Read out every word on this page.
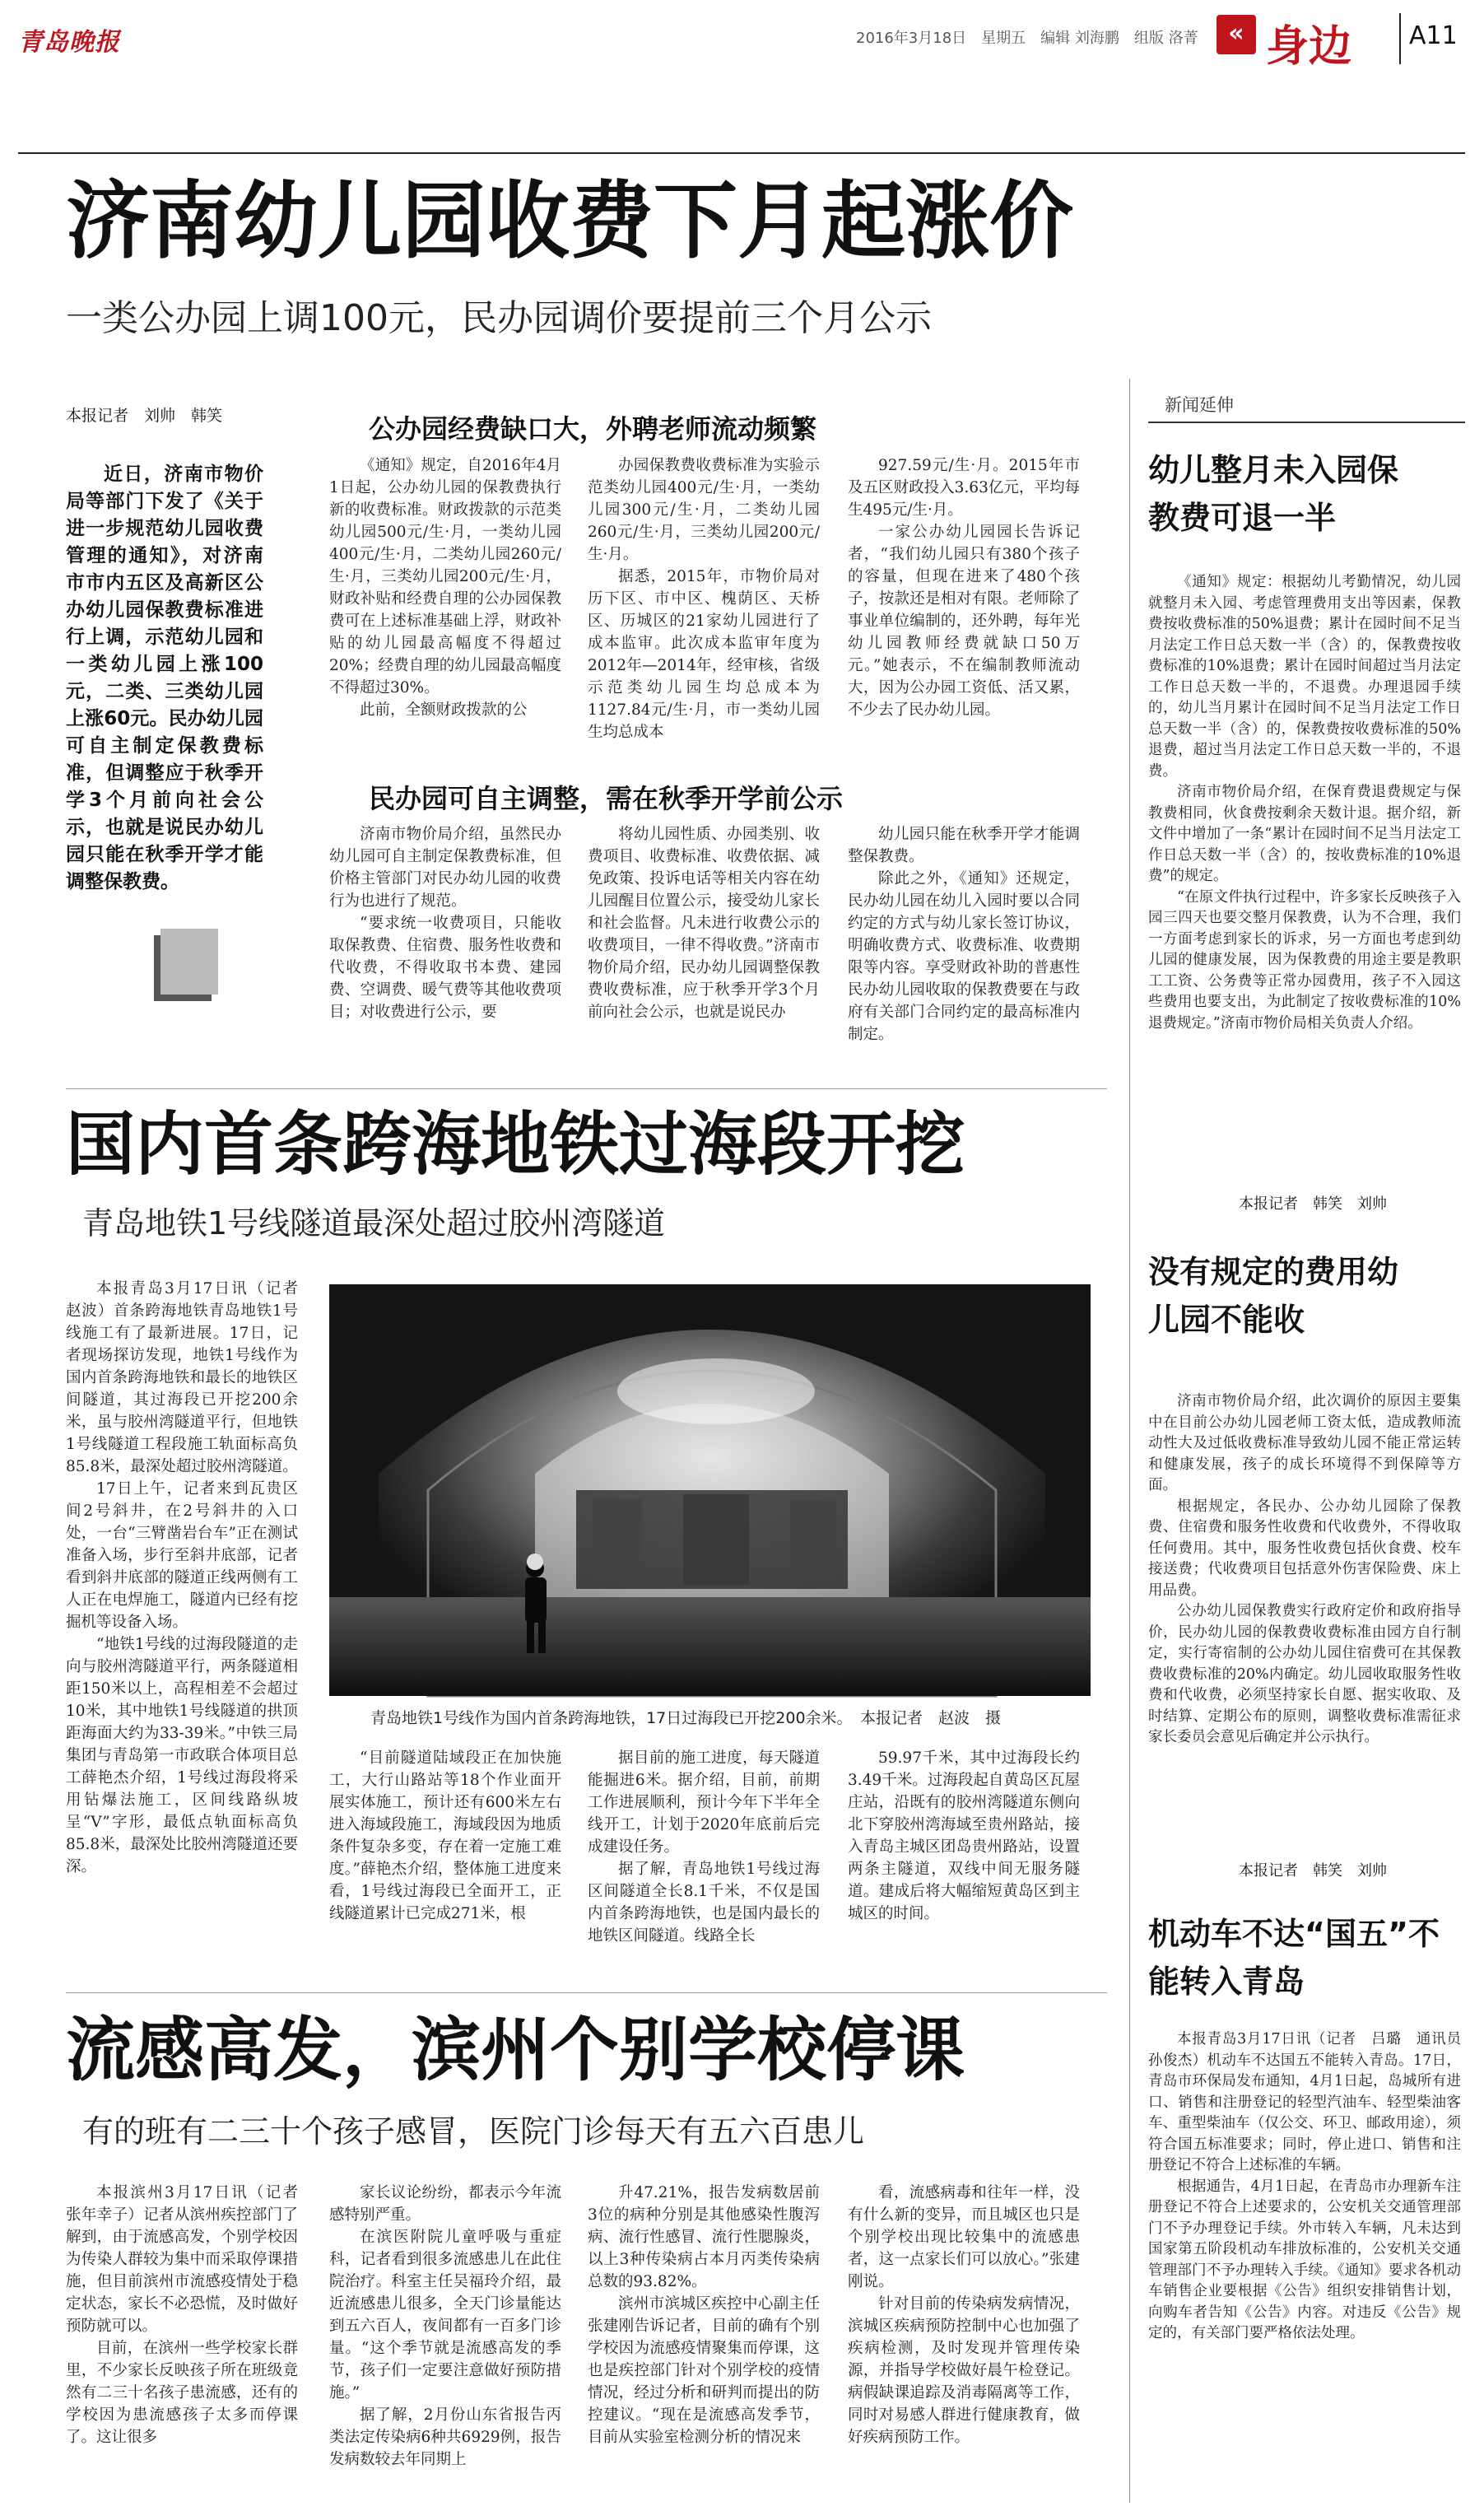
青岛晚报	2016年3月18日　星期五　编辑 刘海鹏　组版 洛菁	« 身边 A11
济南幼儿园收费下月起涨价
一类公办园上调100元，民办园调价要提前三个月公示
本报记者　刘帅　韩笑
近日，济南市物价局等部门下发了《关于进一步规范幼儿园收费管理的通知》，对济南市市内五区及高新区公办幼儿园保教费标准进行上调，示范幼儿园和一类幼儿园上涨100元，二类、三类幼儿园上涨60元。民办幼儿园可自主制定保教费标准，但调整应于秋季开学3个月前向社会公示，也就是说民办幼儿园只能在秋季开学才能调整保教费。
公办园经费缺口大，外聘老师流动频繁
《通知》规定，自2016年4月1日起，公办幼儿园的保教费执行新的收费标准。财政拨款的示范类幼儿园500元/生·月，一类幼儿园400元/生·月，二类幼儿园260元/生·月，三类幼儿园200元/生·月，财政补贴和经费自理的公办园保教费可在上述标准基础上浮，财政补贴的幼儿园最高幅度不得超过20%；经费自理的幼儿园最高幅度不得超过30%。
此前，全额财政拨款的公
办园保教费收费标准为实验示范类幼儿园400元/生·月，一类幼儿园300元/生·月，二类幼儿园260元/生·月，三类幼儿园200元/生·月。
据悉，2015年，市物价局对历下区、市中区、槐荫区、天桥区、历城区的21家幼儿园进行了成本监审。此次成本监审年度为2012年—2014年，经审核，省级示范类幼儿园生均总成本为1127.84元/生·月，市一类幼儿园生均总成本
927.59元/生·月。2015年市及五区财政投入3.63亿元，平均每生495元/生·月。
一家公办幼儿园园长告诉记者，“我们幼儿园只有380个孩子的容量，但现在进来了480个孩子，按款还是相对有限。老师除了事业单位编制的，还外聘，每年光幼儿园教师经费就缺口50万元。”她表示，不在编制教师流动大，因为公办园工资低、活又累，不少去了民办幼儿园。
民办园可自主调整，需在秋季开学前公示
济南市物价局介绍，虽然民办幼儿园可自主制定保教费标准，但价格主管部门对民办幼儿园的收费行为也进行了规范。
“要求统一收费项目，只能收取保教费、住宿费、服务性收费和代收费，不得收取书本费、建园费、空调费、暖气费等其他收费项目；对收费进行公示，要
将幼儿园性质、办园类别、收费项目、收费标准、收费依据、减免政策、投诉电话等相关内容在幼儿园醒目位置公示，接受幼儿家长和社会监督。凡未进行收费公示的收费项目，一律不得收费。”济南市物价局介绍，民办幼儿园调整保教费收费标准，应于秋季开学3个月前向社会公示，也就是说民办
幼儿园只能在秋季开学才能调整保教费。
除此之外，《通知》还规定，民办幼儿园在幼儿入园时要以合同约定的方式与幼儿家长签订协议，明确收费方式、收费标准、收费期限等内容。享受财政补助的普惠性民办幼儿园收取的保教费要在与政府有关部门合同约定的最高标准内制定。
新闻延伸
幼儿整月未入园保教费可退一半
《通知》规定：根据幼儿考勤情况，幼儿园就整月未入园、考虑管理费用支出等因素，保教费按收费标准的50%退费；累计在园时间不足当月法定工作日总天数一半（含）的，保教费按收费标准的10%退费；累计在园时间超过当月法定工作日总天数一半的，不退费。办理退园手续的，幼儿当月累计在园时间不足当月法定工作日总天数一半（含）的，保教费按收费标准的50%退费，超过当月法定工作日总天数一半的，不退费。
济南市物价局介绍，在保育费退费规定与保教费相同，伙食费按剩余天数计退。据介绍，新文件中增加了一条“累计在园时间不足当月法定工作日总天数一半（含）的，按收费标准的10%退费”的规定。
“在原文件执行过程中，许多家长反映孩子入园三四天也要交整月保教费，认为不合理，我们一方面考虑到家长的诉求，另一方面也考虑到幼儿园的健康发展，因为保教费的用途主要是教职工工资、公务费等正常办园费用，孩子不入园这些费用也要支出，为此制定了按收费标准的10%退费规定。”济南市物价局相关负责人介绍。
本报记者　韩笑　刘帅
没有规定的费用幼儿园不能收
济南市物价局介绍，此次调价的原因主要集中在目前公办幼儿园老师工资太低，造成教师流动性大及过低收费标准导致幼儿园不能正常运转和健康发展，孩子的成长环境得不到保障等方面。
根据规定，各民办、公办幼儿园除了保教费、住宿费和服务性收费和代收费外，不得收取任何费用。其中，服务性收费包括伙食费、校车接送费；代收费项目包括意外伤害保险费、床上用品费。
公办幼儿园保教费实行政府定价和政府指导价，民办幼儿园的保教费收费标准由园方自行制定，实行寄宿制的公办幼儿园住宿费可在其保教费收费标准的20%内确定。幼儿园收取服务性收费和代收费，必须坚持家长自愿、据实收取、及时结算、定期公布的原则，调整收费标准需征求家长委员会意见后确定并公示执行。
本报记者　韩笑　刘帅
机动车不达“国五”不能转入青岛
本报青岛3月17日讯（记者　吕璐　通讯员　孙俊杰）机动车不达国五不能转入青岛。17日，青岛市环保局发布通知，4月1日起，岛城所有进口、销售和注册登记的轻型汽油车、轻型柴油客车、重型柴油车（仅公交、环卫、邮政用途），须符合国五标准要求；同时，停止进口、销售和注册登记不符合上述标准的车辆。
根据通告，4月1日起，在青岛市办理新车注册登记不符合上述要求的，公安机关交通管理部门不予办理登记手续。外市转入车辆，凡未达到国家第五阶段机动车排放标准的，公安机关交通管理部门不予办理转入手续。《通知》要求各机动车销售企业要根据《公告》组织安排销售计划，向购车者告知《公告》内容。对违反《公告》规定的，有关部门要严格依法处理。
国内首条跨海地铁过海段开挖
青岛地铁1号线隧道最深处超过胶州湾隧道
本报青岛3月17日讯（记者　赵波）首条跨海地铁青岛地铁1号线施工有了最新进展。17日，记者现场探访发现，地铁1号线作为国内首条跨海地铁和最长的地铁区间隧道，其过海段已开挖200余米，虽与胶州湾隧道平行，但地铁1号线隧道工程段施工轨面标高负85.8米，最深处超过胶州湾隧道。
17日上午，记者来到瓦贵区间2号斜井，在2号斜井的入口处，一台“三臂凿岩台车”正在测试准备入场，步行至斜井底部，记者看到斜井底部的隧道正线两侧有工人正在电焊施工，隧道内已经有挖掘机等设备入场。
“地铁1号线的过海段隧道的走向与胶州湾隧道平行，两条隧道相距150米以上，高程相差不会超过10米，其中地铁1号线隧道的拱顶距海面大约为33-39米。”中铁三局集团与青岛第一市政联合体项目总工薛艳杰介绍，1号线过海段将采用钻爆法施工，区间线路纵坡呈“V”字形，最低点轨面标高负85.8米，最深处比胶州湾隧道还要深。
青岛地铁1号线作为国内首条跨海地铁，17日过海段已开挖200余米。　本报记者　赵波　摄
“目前隧道陆域段正在加快施工，大行山路站等18个作业面开展实体施工，预计还有600米左右进入海域段施工，海域段因为地质条件复杂多变，存在着一定施工难度。”薛艳杰介绍，整体施工进度来看，1号线过海段已全面开工，正线隧道累计已完成271米，根
据目前的施工进度，每天隧道能掘进6米。据介绍，目前，前期工作进展顺利，预计今年下半年全线开工，计划于2020年底前后完成建设任务。
据了解，青岛地铁1号线过海区间隧道全长8.1千米，不仅是国内首条跨海地铁，也是国内最长的地铁区间隧道。线路全长
59.97千米，其中过海段长约3.49千米。过海段起自黄岛区瓦屋庄站，沿既有的胶州湾隧道东侧向北下穿胶州湾海域至贵州路站，接入青岛主城区团岛贵州路站，设置两条主隧道，双线中间无服务隧道。建成后将大幅缩短黄岛区到主城区的时间。
流感高发，滨州个别学校停课
有的班有二三十个孩子感冒，医院门诊每天有五六百患儿
本报滨州3月17日讯（记者　张年幸子）记者从滨州疾控部门了解到，由于流感高发，个别学校因为传染人群较为集中而采取停课措施，但目前滨州市流感疫情处于稳定状态，家长不必恐慌，及时做好预防就可以。
目前，在滨州一些学校家长群里，不少家长反映孩子所在班级竟然有二三十名孩子患流感，还有的学校因为患流感孩子太多而停课了。这让很多
家长议论纷纷，都表示今年流感特别严重。
在滨医附院儿童呼吸与重症科，记者看到很多流感患儿在此住院治疗。科室主任吴福玲介绍，最近流感患儿很多，全天门诊量能达到五六百人，夜间都有一百多门诊量。“这个季节就是流感高发的季节，孩子们一定要注意做好预防措施。”
据了解，2月份山东省报告丙类法定传染病6种共6929例，报告发病数较去年同期上
升47.21%，报告发病数居前3位的病种分别是其他感染性腹泻病、流行性感冒、流行性腮腺炎，以上3种传染病占本月丙类传染病总数的93.82%。
滨州市滨城区疾控中心副主任张建刚告诉记者，目前的确有个别学校因为流感疫情聚集而停课，这也是疾控部门针对个别学校的疫情情况，经过分析和研判而提出的防控建议。“现在是流感高发季节，目前从实验室检测分析的情况来
看，流感病毒和往年一样，没有什么新的变异，而且城区也只是个别学校出现比较集中的流感患者，这一点家长们可以放心。”张建刚说。
针对目前的传染病发病情况，滨城区疾病预防控制中心也加强了疾病检测，及时发现并管理传染源，并指导学校做好晨午检登记。病假缺课追踪及消毒隔离等工作，同时对易感人群进行健康教育，做好疾病预防工作。
